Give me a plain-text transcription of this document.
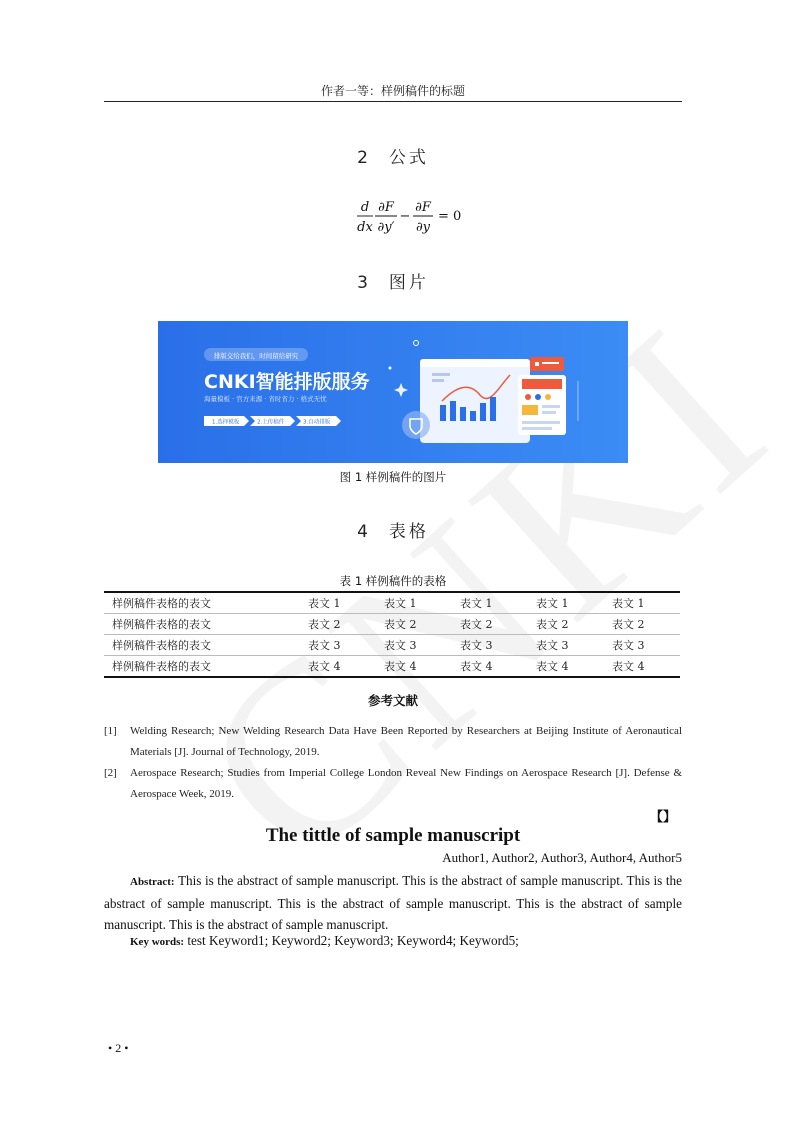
作者一等：样例稿件的标题
2 公式
d
dx
∂F
∂y′
−
∂F
∂y
= 0
3 图片
排版交给我们，时间留给研究
CNKI智能排版服务
海量模板 · 官方来源 · 省时省力 · 格式无忧
1.选择模板	2.上传稿件	3.自动排版
图 1 样例稿件的图片
4 表格
表 1 样例稿件的表格
样例稿件表格的表文	表文 1	表文 1	表文 1	表文 1	表文 1
样例稿件表格的表文	表文 2	表文 2	表文 2	表文 2	表文 2
样例稿件表格的表文	表文 3	表文 3	表文 3	表文 3	表文 3
样例稿件表格的表文	表文 4	表文 4	表文 4	表文 4	表文 4
参考文献
[1]	Welding Research; New Welding Research Data Have Been Reported by Researchers at Beijing Institute of Aeronautical Materials [J]. Journal of Technology, 2019.
[2]	Aerospace Research; Studies from Imperial College London Reveal New Findings on Aerospace Research [J]. Defense & Aerospace Week, 2019.
【】
The tittle of sample manuscript
Author1, Author2, Author3, Author4, Author5
Abstract: This is the abstract of sample manuscript. This is the abstract of sample manuscript. This is the abstract of sample manuscript. This is the abstract of sample manuscript. This is the abstract of sample manuscript. This is the abstract of sample manuscript.
Key words: test Keyword1; Keyword2; Keyword3; Keyword4; Keyword5;
• 2 •
